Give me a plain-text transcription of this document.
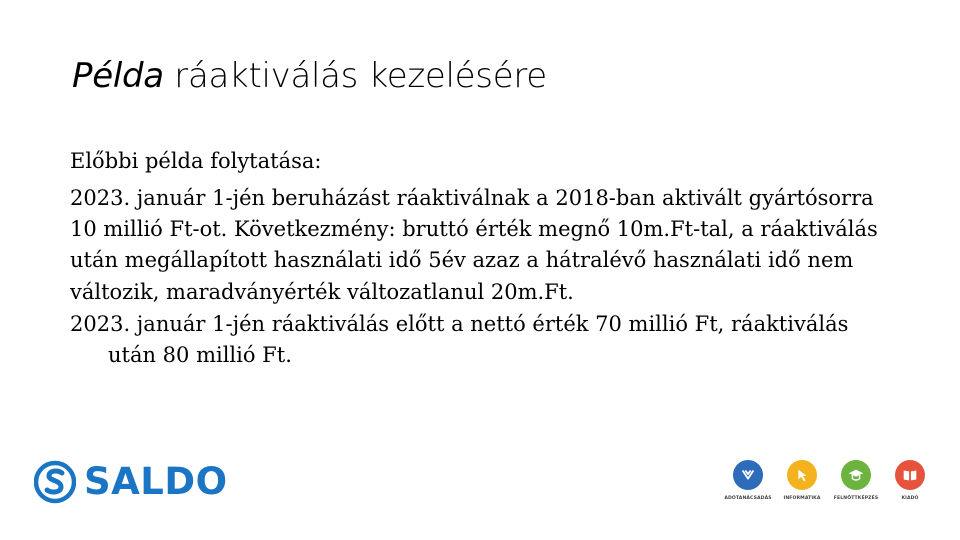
Példa ráaktiválás kezelésére

Előbbi példa folytatása:

2023. január 1-jén beruházást ráaktiválnak a 2018-ban aktivált gyártósorra 10 millió Ft-ot. Következmény: bruttó érték megnő 10m.Ft-tal, a ráaktiválás után megállapított használati idő 5év azaz a hátralévő használati idő nem változik, maradványérték változatlanul 20m.Ft.

2023. január 1-jén ráaktiválás előtt a nettó érték 70 millió Ft, ráaktiválás után 80 millió Ft.

SALDO	ADÓTANÁCSADÁS	INFORMATIKA	FELNŐTTKÉPZÉS	KIADÓ
